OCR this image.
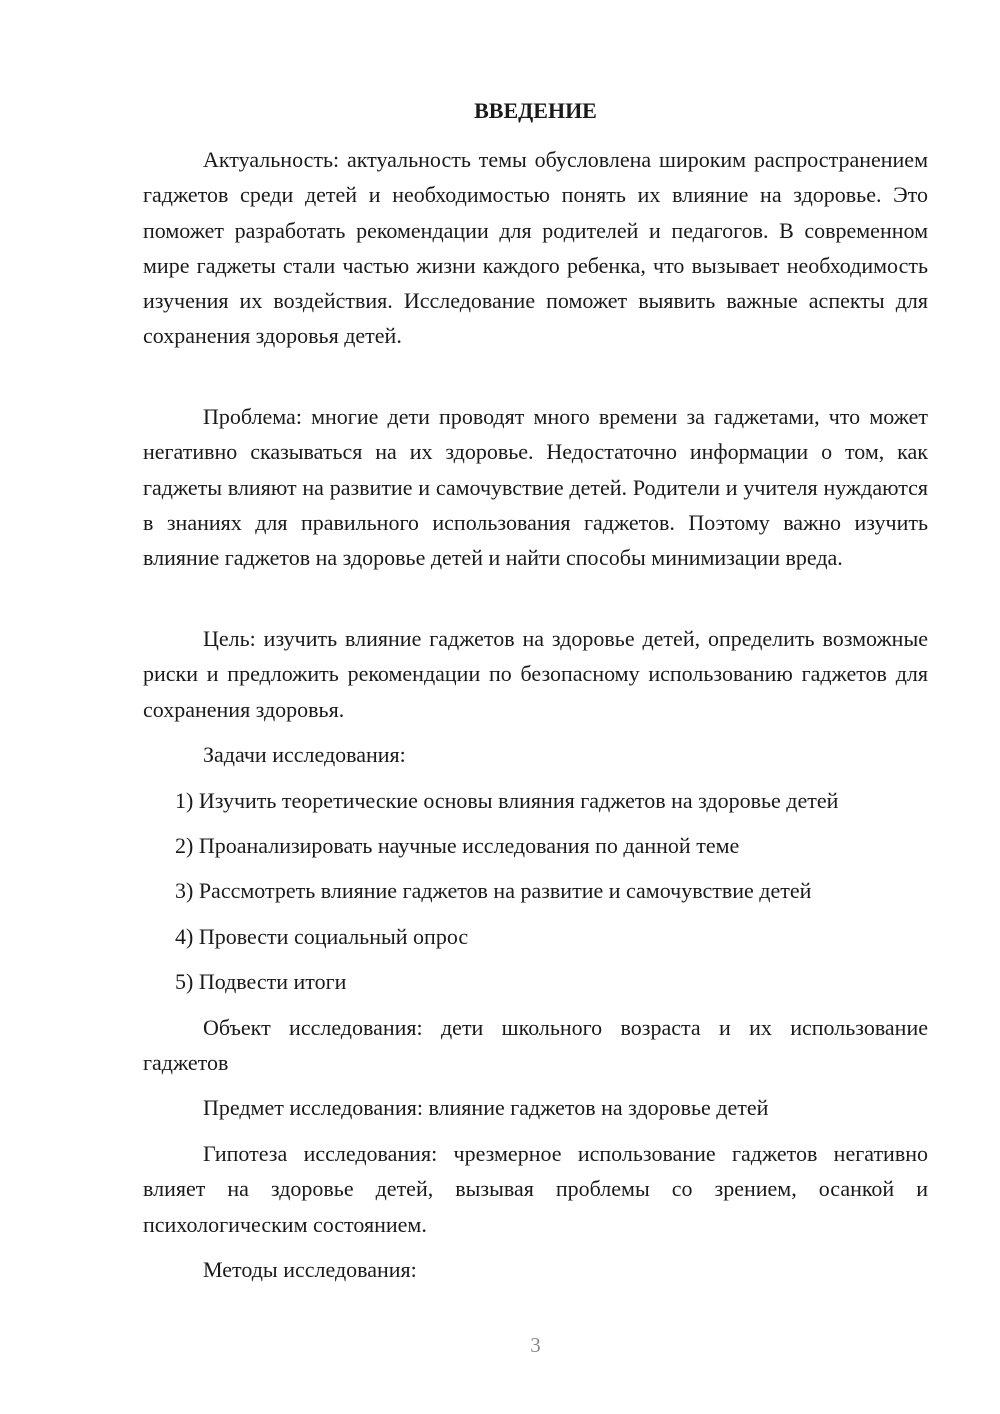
ВВЕДЕНИЕ

Актуальность: актуальность темы обусловлена широким распространением гаджетов среди детей и необходимостью понять их влияние на здоровье. Это поможет разработать рекомендации для родителей и педагогов. В современном мире гаджеты стали частью жизни каждого ребенка, что вызывает необходимость изучения их воздействия. Исследование поможет выявить важные аспекты для сохранения здоровья детей.

Проблема: многие дети проводят много времени за гаджетами, что может негативно сказываться на их здоровье. Недостаточно информации о том, как гаджеты влияют на развитие и самочувствие детей. Родители и учителя нуждаются в знаниях для правильного использования гаджетов. Поэтому важно изучить влияние гаджетов на здоровье детей и найти способы минимизации вреда.

Цель: изучить влияние гаджетов на здоровье детей, определить возможные риски и предложить рекомендации по безопасному использованию гаджетов для сохранения здоровья.

Задачи исследования:

1) Изучить теоретические основы влияния гаджетов на здоровье детей
2) Проанализировать научные исследования по данной теме
3) Рассмотреть влияние гаджетов на развитие и самочувствие детей
4) Провести социальный опрос
5) Подвести итоги

Объект исследования: дети школьного возраста и их использование гаджетов

Предмет исследования: влияние гаджетов на здоровье детей

Гипотеза исследования: чрезмерное использование гаджетов негативно влияет на здоровье детей, вызывая проблемы со зрением, осанкой и психологическим состоянием.

Методы исследования:

3
